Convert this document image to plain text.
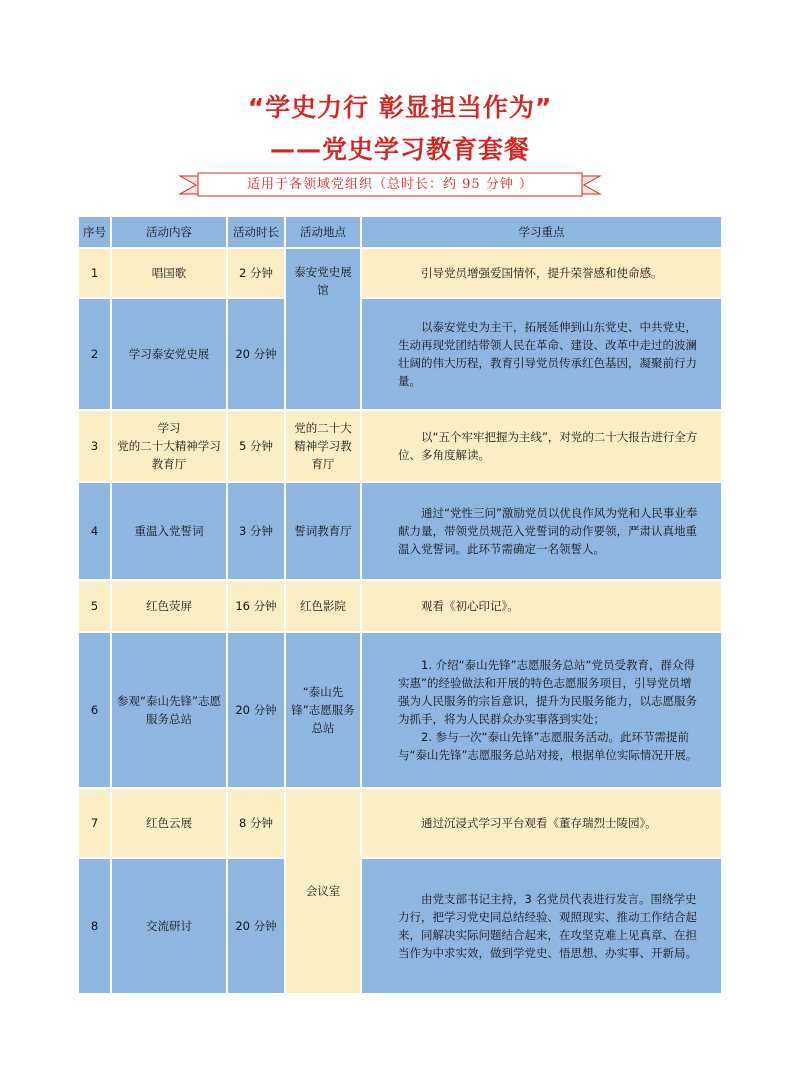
“学史力行 彰显担当作为”
——党史学习教育套餐
适用于各领域党组织（总时长：约 95 分钟 ）
序号	活动内容	活动时长	活动地点	学习重点
1	唱国歌	2 分钟	泰安党史展馆	引导党员增强爱国情怀，提升荣誉感和使命感。

2	学习泰安党史展	20 分钟		以泰安党史为主干，拓展延伸到山东党史、中共党史，生动再现党团结带领人民在革命、建设、改革中走过的波澜壮阔的伟大历程，教育引导党员传承红色基因，凝聚前行力量。

3	学习
党的二十大精神学习教育厅	5 分钟	党的二十大精神学习教育厅	以“五个牢牢把握为主线”，对党的二十大报告进行全方位、多角度解读。

4	重温入党誓词	3 分钟	誓词教育厅	通过“党性三问”激励党员以优良作风为党和人民事业奉献力量，带领党员规范入党誓词的动作要领，严肃认真地重温入党誓词。此环节需确定一名领誓人。

5	红色荧屏	16 分钟	红色影院	观看《初心印记》。

6	参观“泰山先锋”志愿服务总站	20 分钟	“泰山先锋”志愿服务总站	1. 介绍“泰山先锋”志愿服务总站“党员受教育，群众得实惠”的经验做法和开展的特色志愿服务项目，引导党员增强为人民服务的宗旨意识，提升为民服务能力，以志愿服务为抓手，将为人民群众办实事落到实处；

2. 参与一次“泰山先锋”志愿服务活动。此环节需提前与“泰山先锋”志愿服务总站对接，根据单位实际情况开展。

7	红色云展	8 分钟	会议室	通过沉浸式学习平台观看《董存瑞烈士陵园》。

8	交流研讨	20 分钟		由党支部书记主持，3 名党员代表进行发言。围绕学史力行，把学习党史同总结经验、观照现实、推动工作结合起来，同解决实际问题结合起来，在攻坚克难上见真章、在担当作为中求实效，做到学党史、悟思想、办实事、开新局。
